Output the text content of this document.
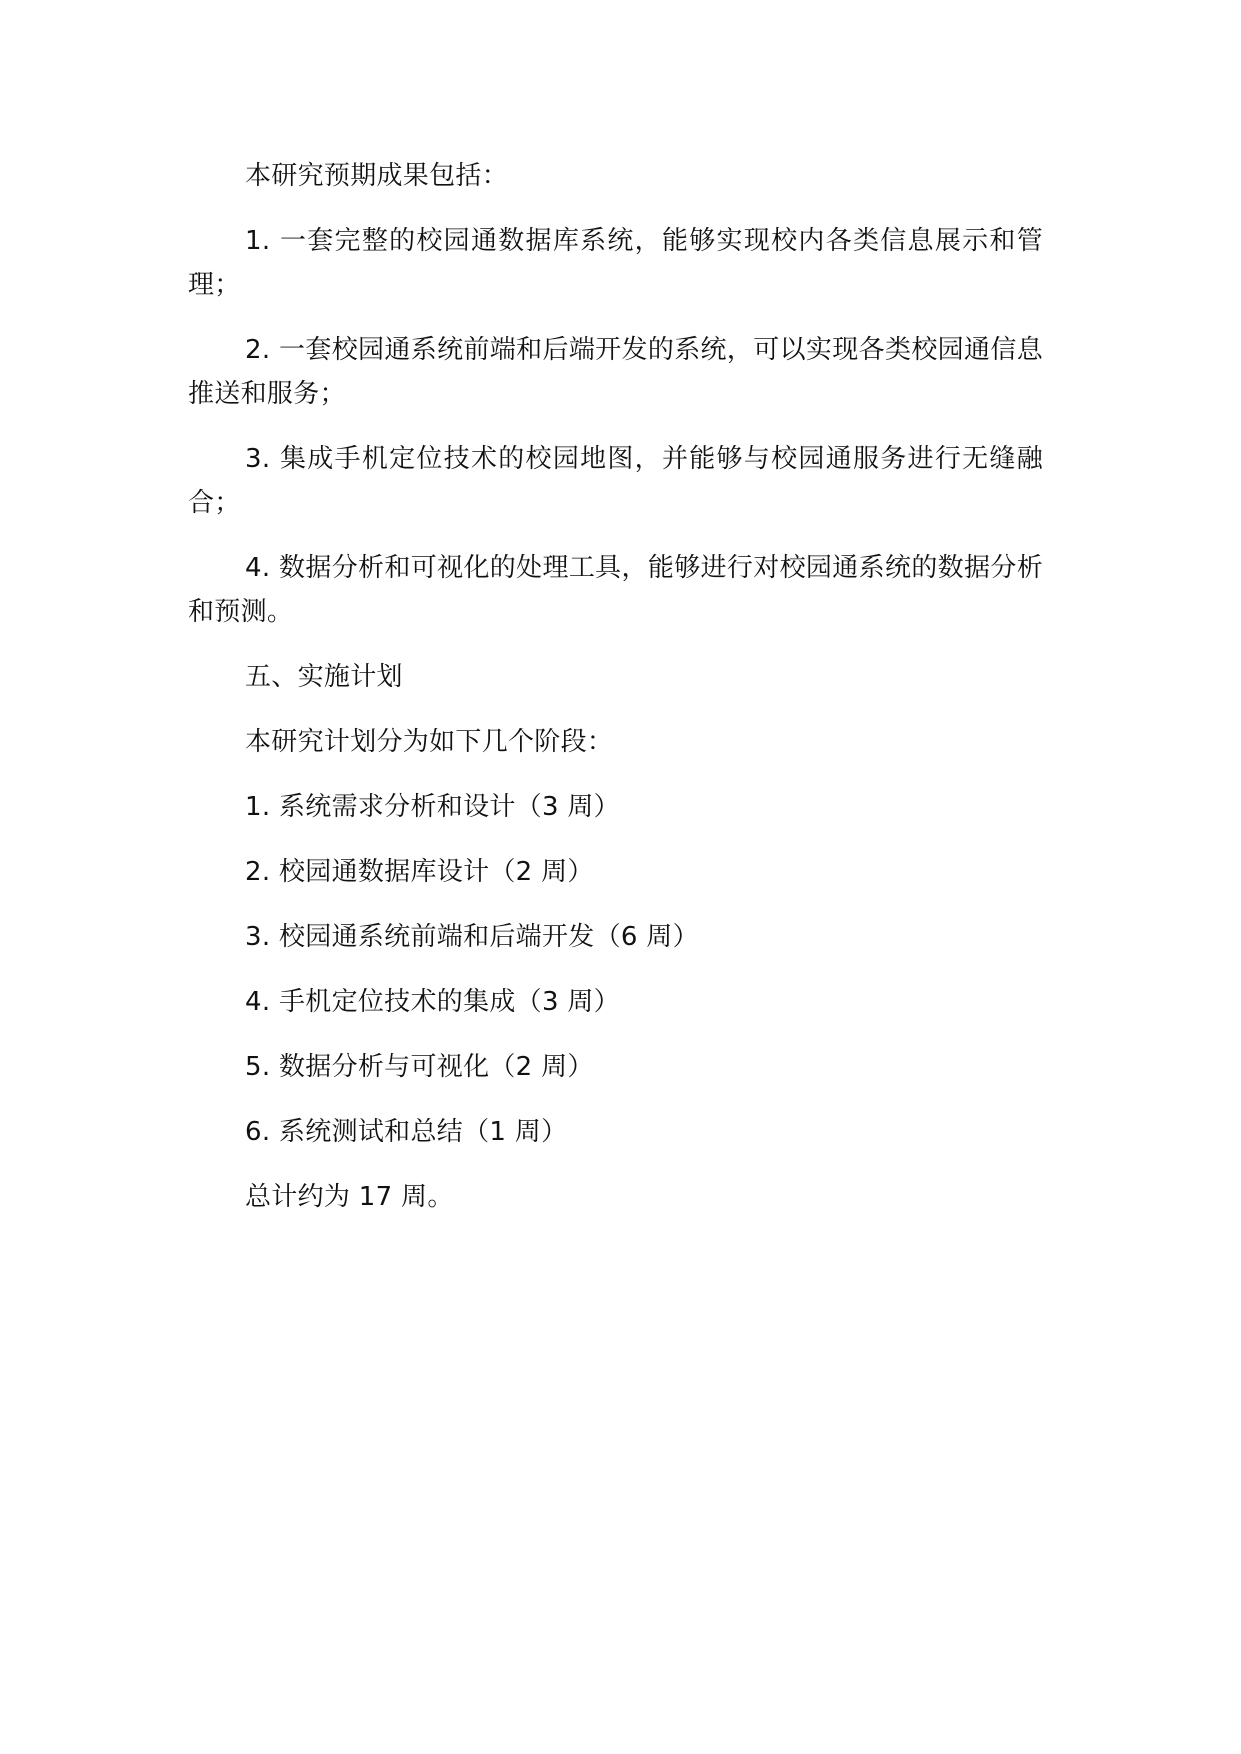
本研究预期成果包括：

1. 一套完整的校园通数据库系统，能够实现校内各类信息展示和管理；

2. 一套校园通系统前端和后端开发的系统，可以实现各类校园通信息推送和服务；

3. 集成手机定位技术的校园地图，并能够与校园通服务进行无缝融合；

4. 数据分析和可视化的处理工具，能够进行对校园通系统的数据分析和预测。

五、实施计划

本研究计划分为如下几个阶段：

1. 系统需求分析和设计（3 周）

2. 校园通数据库设计（2 周）

3. 校园通系统前端和后端开发（6 周）

4. 手机定位技术的集成（3 周）

5. 数据分析与可视化（2 周）

6. 系统测试和总结（1 周）

总计约为 17 周。
